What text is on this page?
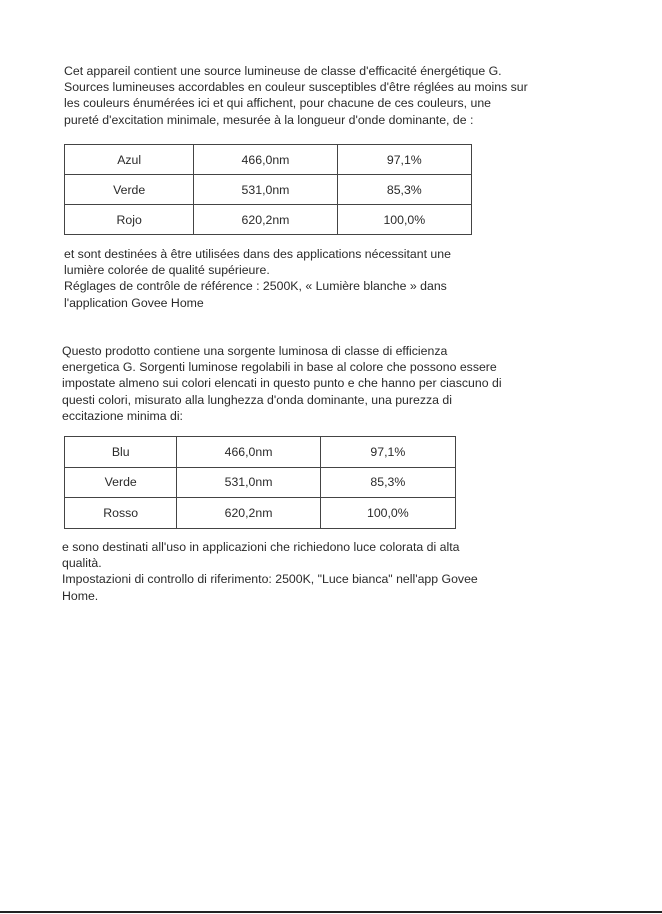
Cet appareil contient une source lumineuse de classe d'efficacité énergétique G.
Sources lumineuses accordables en couleur susceptibles d'être réglées au moins sur
les couleurs énumérées ici et qui affichent, pour chacune de ces couleurs, une
pureté d'excitation minimale, mesurée à la longueur d'onde dominante, de :

Azul	466,0nm	97,1%
Verde	531,0nm	85,3%
Rojo	620,2nm	100,0%

et sont destinées à être utilisées dans des applications nécessitant une
lumière colorée de qualité supérieure.
Réglages de contrôle de référence : 2500K, « Lumière blanche » dans
l'application Govee Home

Questo prodotto contiene una sorgente luminosa di classe di efficienza
energetica G. Sorgenti luminose regolabili in base al colore che possono essere
impostate almeno sui colori elencati in questo punto e che hanno per ciascuno di
questi colori, misurato alla lunghezza d'onda dominante, una purezza di
eccitazione minima di:

Blu	466,0nm	97,1%
Verde	531,0nm	85,3%
Rosso	620,2nm	100,0%

e sono destinati all'uso in applicazioni che richiedono luce colorata di alta
qualità.
Impostazioni di controllo di riferimento: 2500K, "Luce bianca" nell'app Govee
Home.
